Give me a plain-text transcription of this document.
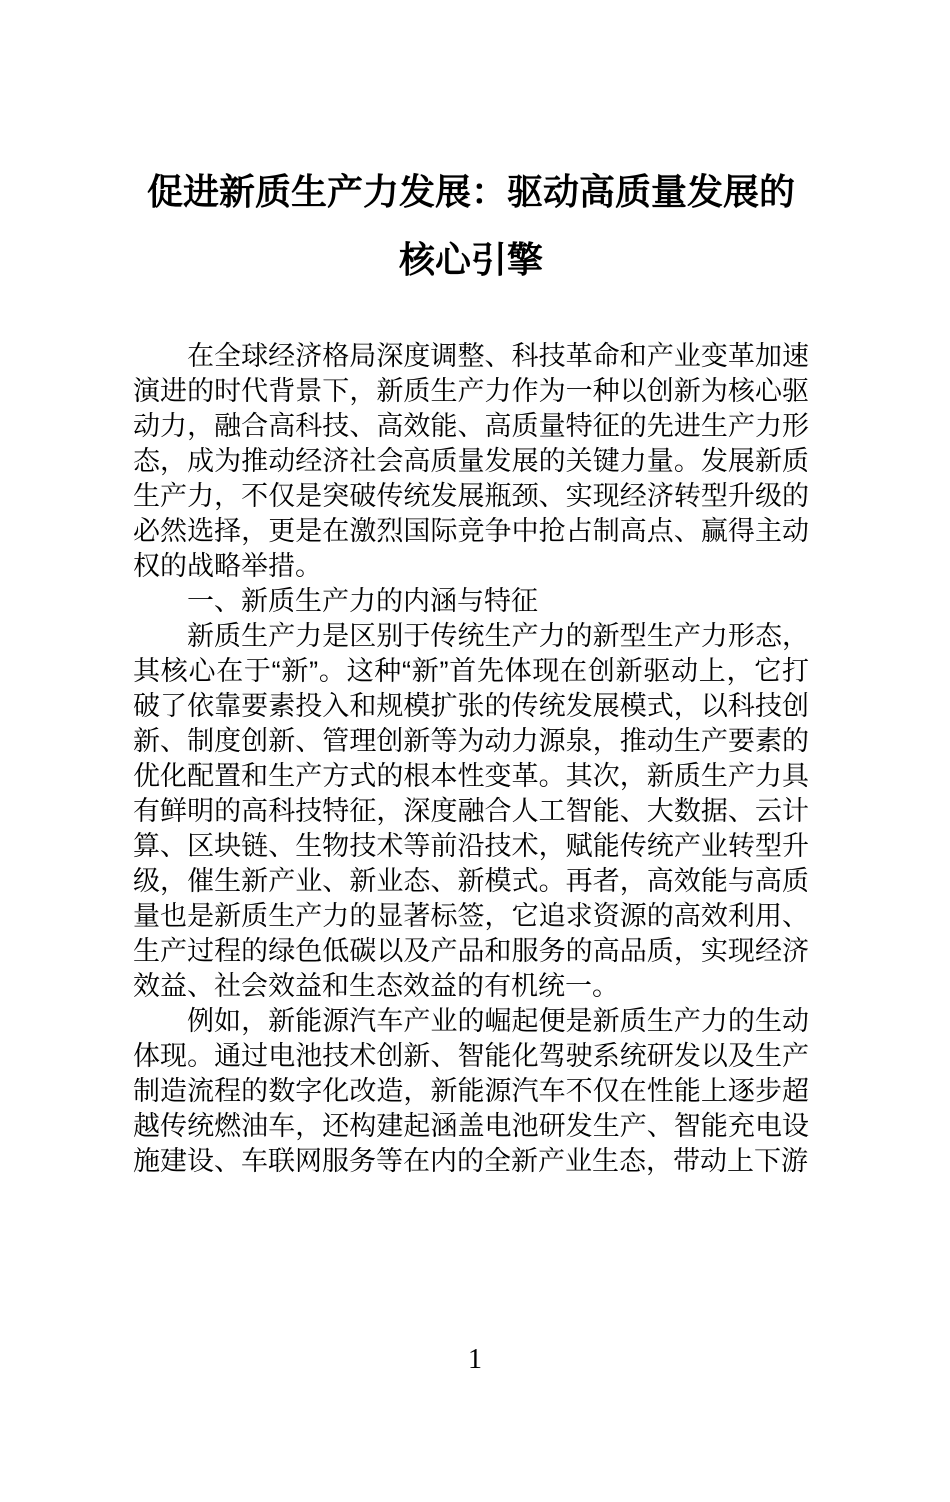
促进新质生产力发展：驱动高质量发展的核心引擎

在全球经济格局深度调整、科技革命和产业变革加速演进的时代背景下，新质生产力作为一种以创新为核心驱动力，融合高科技、高效能、高质量特征的先进生产力形态，成为推动经济社会高质量发展的关键力量。发展新质生产力，不仅是突破传统发展瓶颈、实现经济转型升级的必然选择，更是在激烈国际竞争中抢占制高点、赢得主动权的战略举措。

一、新质生产力的内涵与特征

新质生产力是区别于传统生产力的新型生产力形态，其核心在于“新”。这种“新”首先体现在创新驱动上，它打破了依靠要素投入和规模扩张的传统发展模式，以科技创新、制度创新、管理创新等为动力源泉，推动生产要素的优化配置和生产方式的根本性变革。其次，新质生产力具有鲜明的高科技特征，深度融合人工智能、大数据、云计算、区块链、生物技术等前沿技术，赋能传统产业转型升级，催生新产业、新业态、新模式。再者，高效能与高质量也是新质生产力的显著标签，它追求资源的高效利用、生产过程的绿色低碳以及产品和服务的高品质，实现经济效益、社会效益和生态效益的有机统一。

例如，新能源汽车产业的崛起便是新质生产力的生动体现。通过电池技术创新、智能化驾驶系统研发以及生产制造流程的数字化改造，新能源汽车不仅在性能上逐步超越传统燃油车，还构建起涵盖电池研发生产、智能充电设施建设、车联网服务等在内的全新产业生态，带动上下游

1
